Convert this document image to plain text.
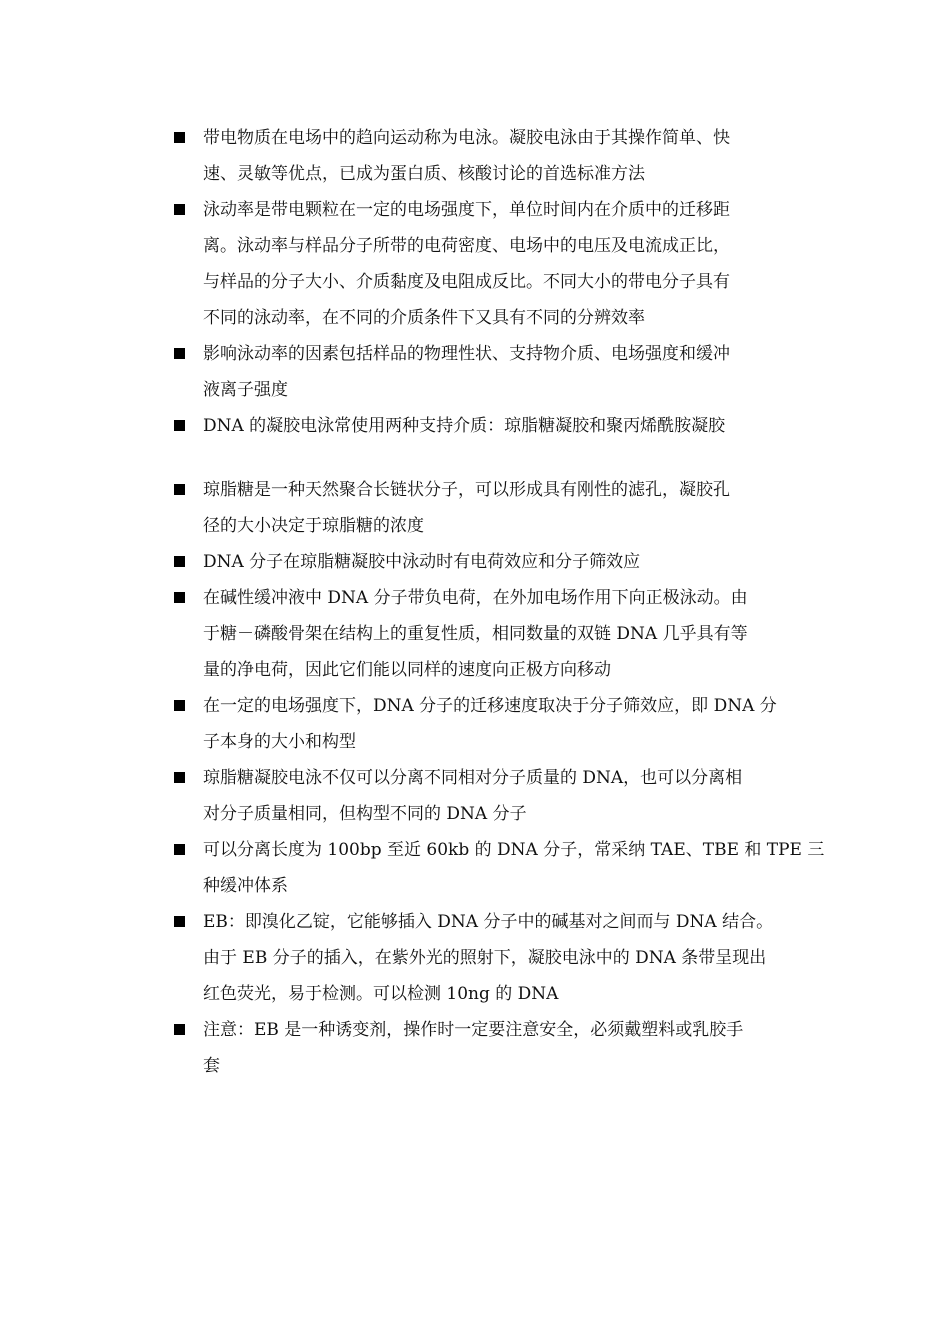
带电物质在电场中的趋向运动称为电泳。凝胶电泳由于其操作简单、快
速、灵敏等优点，已成为蛋白质、核酸讨论的首选标准方法
泳动率是带电颗粒在一定的电场强度下，单位时间内在介质中的迁移距
离。泳动率与样品分子所带的电荷密度、电场中的电压及电流成正比，
与样品的分子大小、介质黏度及电阻成反比。不同大小的带电分子具有
不同的泳动率，在不同的介质条件下又具有不同的分辨效率
影响泳动率的因素包括样品的物理性状、支持物介质、电场强度和缓冲
液离子强度
DNA 的凝胶电泳常使用两种支持介质：琼脂糖凝胶和聚丙烯酰胺凝胶
琼脂糖是一种天然聚合长链状分子，可以形成具有刚性的滤孔，凝胶孔
径的大小决定于琼脂糖的浓度
DNA 分子在琼脂糖凝胶中泳动时有电荷效应和分子筛效应
在碱性缓冲液中 DNA 分子带负电荷，在外加电场作用下向正极泳动。由
于糖－磷酸骨架在结构上的重复性质，相同数量的双链 DNA 几乎具有等
量的净电荷，因此它们能以同样的速度向正极方向移动
在一定的电场强度下，DNA 分子的迁移速度取决于分子筛效应，即 DNA 分
子本身的大小和构型
琼脂糖凝胶电泳不仅可以分离不同相对分子质量的 DNA，也可以分离相
对分子质量相同，但构型不同的 DNA 分子
可以分离长度为 100bp 至近 60kb 的 DNA 分子，常采纳 TAE、TBE 和 TPE 三
种缓冲体系
EB：即溴化乙锭，它能够插入 DNA 分子中的碱基对之间而与 DNA 结合。
由于 EB 分子的插入，在紫外光的照射下，凝胶电泳中的 DNA 条带呈现出
红色荧光，易于检测。可以检测 10ng 的 DNA
注意：EB 是一种诱变剂，操作时一定要注意安全，必须戴塑料或乳胶手
套
